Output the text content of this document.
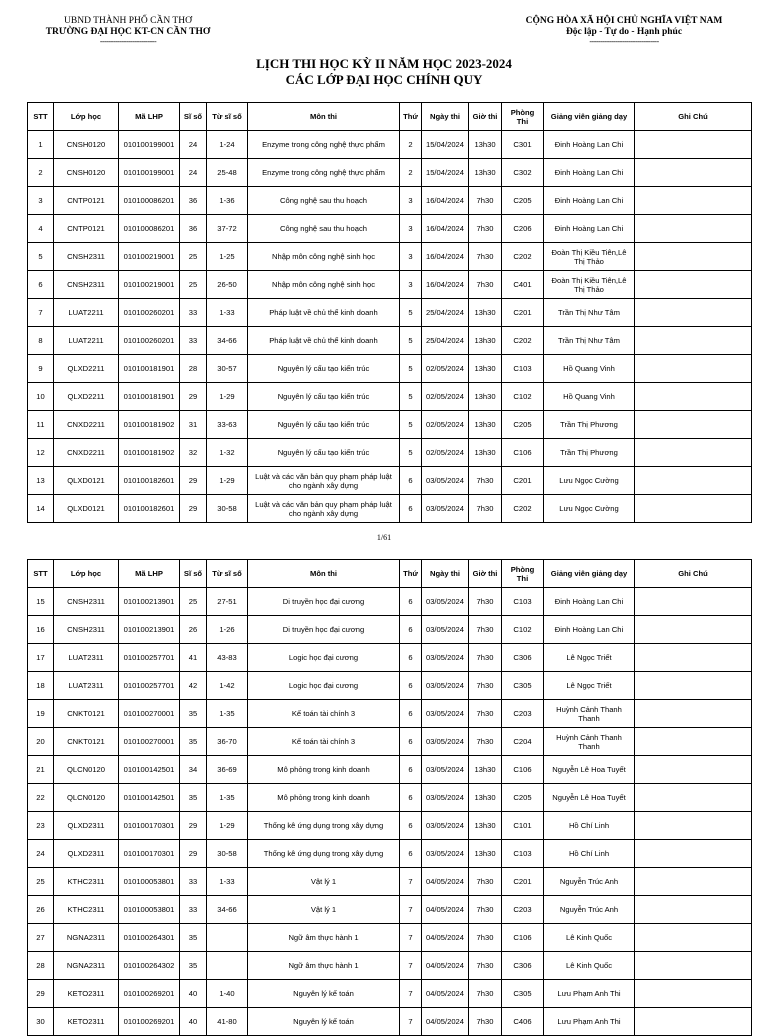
UBND THÀNH PHỐ CẦN THƠ
TRƯỜNG ĐẠI HỌC KT-CN CẦN THƠ
--------------------------
CỘNG HÒA XÃ HỘI CHỦ NGHĨA VIỆT NAM
Độc lập - Tự do - Hạnh phúc
--------------------------------
LỊCH THI HỌC KỲ II NĂM HỌC 2023-2024
CÁC LỚP ĐẠI HỌC CHÍNH QUY
STT	Lớp học	Mã LHP	Sĩ số	Từ sĩ số	Môn thi	Thứ	Ngày thi	Giờ thi	Phòng Thi	Giảng viên giảng dạy	Ghi Chú
1	CNSH0120	010100199001	24	1-24	Enzyme trong công nghệ thực phẩm	2	15/04/2024	13h30	C301	Đinh Hoàng Lan Chi	
2	CNSH0120	010100199001	24	25-48	Enzyme trong công nghệ thực phẩm	2	15/04/2024	13h30	C302	Đinh Hoàng Lan Chi	
3	CNTP0121	010100086201	36	1-36	Công nghệ sau thu hoạch	3	16/04/2024	7h30	C205	Đinh Hoàng Lan Chi	
4	CNTP0121	010100086201	36	37-72	Công nghệ sau thu hoạch	3	16/04/2024	7h30	C206	Đinh Hoàng Lan Chi	
5	CNSH2311	010100219001	25	1-25	Nhập môn công nghệ sinh học	3	16/04/2024	7h30	C202	Đoàn Thị Kiều Tiên,Lê Thị Thảo	
6	CNSH2311	010100219001	25	26-50	Nhập môn công nghệ sinh học	3	16/04/2024	7h30	C401	Đoàn Thị Kiều Tiên,Lê Thị Thảo	
7	LUAT2211	010100260201	33	1-33	Pháp luật về chủ thể kinh doanh	5	25/04/2024	13h30	C201	Trần Thị Như Tâm	
8	LUAT2211	010100260201	33	34-66	Pháp luật về chủ thể kinh doanh	5	25/04/2024	13h30	C202	Trần Thị Như Tâm	
9	QLXD2211	010100181901	28	30-57	Nguyên lý cấu tạo kiến trúc	5	02/05/2024	13h30	C103	Hồ Quang Vinh	
10	QLXD2211	010100181901	29	1-29	Nguyên lý cấu tạo kiến trúc	5	02/05/2024	13h30	C102	Hồ Quang Vinh	
11	CNXD2211	010100181902	31	33-63	Nguyên lý cấu tạo kiến trúc	5	02/05/2024	13h30	C205	Trần Thị Phương	
12	CNXD2211	010100181902	32	1-32	Nguyên lý cấu tạo kiến trúc	5	02/05/2024	13h30	C106	Trần Thị Phương	
13	QLXD0121	010100182601	29	1-29	Luật và các văn bản quy phạm pháp luật cho ngành xây dựng	6	03/05/2024	7h30	C201	Lưu Ngọc Cường	
14	QLXD0121	010100182601	29	30-58	Luật và các văn bản quy phạm pháp luật cho ngành xây dựng	6	03/05/2024	7h30	C202	Lưu Ngọc Cường	
1/61
STT	Lớp học	Mã LHP	Sĩ số	Từ sĩ số	Môn thi	Thứ	Ngày thi	Giờ thi	Phòng Thi	Giảng viên giảng dạy	Ghi Chú
15	CNSH2311	010100213901	25	27-51	Di truyền học đại cương	6	03/05/2024	7h30	C103	Đinh Hoàng Lan Chi	
16	CNSH2311	010100213901	26	1-26	Di truyền học đại cương	6	03/05/2024	7h30	C102	Đinh Hoàng Lan Chi	
17	LUAT2311	010100257701	41	43-83	Logic học đại cương	6	03/05/2024	7h30	C306	Lê Ngọc Triết	
18	LUAT2311	010100257701	42	1-42	Logic học đại cương	6	03/05/2024	7h30	C305	Lê Ngọc Triết	
19	CNKT0121	010100270001	35	1-35	Kế toán tài chính 3	6	03/05/2024	7h30	C203	Huỳnh Cảnh Thanh Thanh	
20	CNKT0121	010100270001	35	36-70	Kế toán tài chính 3	6	03/05/2024	7h30	C204	Huỳnh Cảnh Thanh Thanh	
21	QLCN0120	010100142501	34	36-69	Mô phỏng trong kinh doanh	6	03/05/2024	13h30	C106	Nguyễn Lê Hoa Tuyết	
22	QLCN0120	010100142501	35	1-35	Mô phỏng trong kinh doanh	6	03/05/2024	13h30	C205	Nguyễn Lê Hoa Tuyết	
23	QLXD2311	010100170301	29	1-29	Thống kê ứng dụng trong xây dựng	6	03/05/2024	13h30	C101	Hồ Chí Linh	
24	QLXD2311	010100170301	29	30-58	Thống kê ứng dụng trong xây dựng	6	03/05/2024	13h30	C103	Hồ Chí Linh	
25	KTHC2311	010100053801	33	1-33	Vật lý 1	7	04/05/2024	7h30	C201	Nguyễn Trúc Anh	
26	KTHC2311	010100053801	33	34-66	Vật lý 1	7	04/05/2024	7h30	C203	Nguyễn Trúc Anh	
27	NGNA2311	010100264301	35		Ngữ âm thực hành 1	7	04/05/2024	7h30	C106	Lê Kinh Quốc	
28	NGNA2311	010100264302	35		Ngữ âm thực hành 1	7	04/05/2024	7h30	C306	Lê Kinh Quốc	
29	KETO2311	010100269201	40	1-40	Nguyên lý kế toán	7	04/05/2024	7h30	C305	Lưu Phạm Anh Thi	
30	KETO2311	010100269201	40	41-80	Nguyên lý kế toán	7	04/05/2024	7h30	C406	Lưu Phạm Anh Thi	
